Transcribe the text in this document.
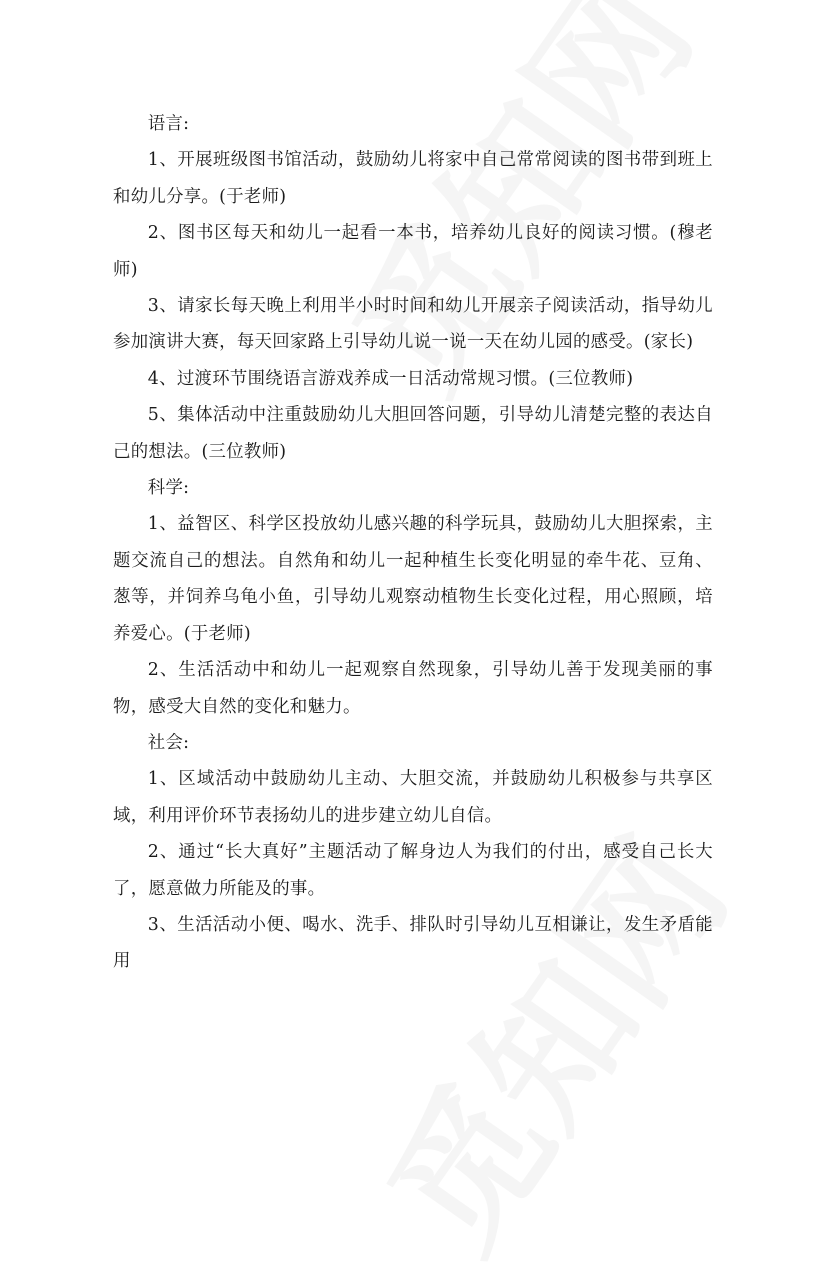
语言:

1、开展班级图书馆活动，鼓励幼儿将家中自己常常阅读的图书带到班上和幼儿分享。(于老师)

2、图书区每天和幼儿一起看一本书，培养幼儿良好的阅读习惯。(穆老师)

3、请家长每天晚上利用半小时时间和幼儿开展亲子阅读活动，指导幼儿参加演讲大赛，每天回家路上引导幼儿说一说一天在幼儿园的感受。(家长)

4、过渡环节围绕语言游戏养成一日活动常规习惯。(三位教师)

5、集体活动中注重鼓励幼儿大胆回答问题，引导幼儿清楚完整的表达自己的想法。(三位教师)

科学:

1、益智区、科学区投放幼儿感兴趣的科学玩具，鼓励幼儿大胆探索，主题交流自己的想法。自然角和幼儿一起种植生长变化明显的牵牛花、豆角、葱等，并饲养乌龟小鱼，引导幼儿观察动植物生长变化过程，用心照顾，培养爱心。(于老师)

2、生活活动中和幼儿一起观察自然现象，引导幼儿善于发现美丽的事物，感受大自然的变化和魅力。

社会:

1、区域活动中鼓励幼儿主动、大胆交流，并鼓励幼儿积极参与共享区域，利用评价环节表扬幼儿的进步建立幼儿自信。

2、通过“长大真好”主题活动了解身边人为我们的付出，感受自己长大了，愿意做力所能及的事。

3、生活活动小便、喝水、洗手、排队时引导幼儿互相谦让，发生矛盾能用
